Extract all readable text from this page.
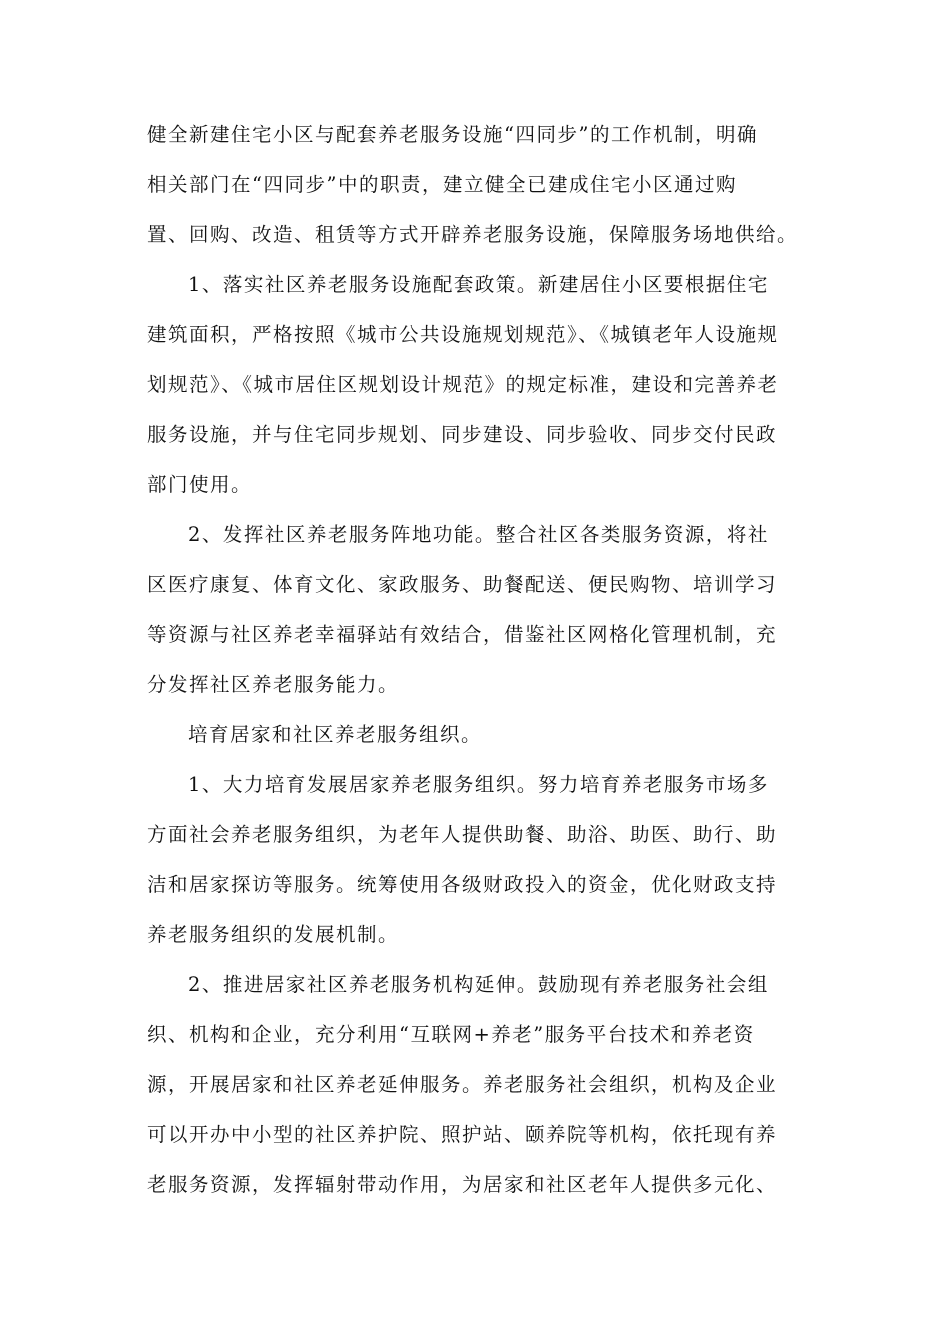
健全新建住宅小区与配套养老服务设施“四同步”的工作机制，明确
相关部门在“四同步”中的职责，建立健全已建成住宅小区通过购
置、回购、改造、租赁等方式开辟养老服务设施，保障服务场地供给。

1、落实社区养老服务设施配套政策。新建居住小区要根据住宅
建筑面积，严格按照《城市公共设施规划规范》、《城镇老年人设施规
划规范》、《城市居住区规划设计规范》的规定标准，建设和完善养老
服务设施，并与住宅同步规划、同步建设、同步验收、同步交付民政
部门使用。

2、发挥社区养老服务阵地功能。整合社区各类服务资源，将社
区医疗康复、体育文化、家政服务、助餐配送、便民购物、培训学习
等资源与社区养老幸福驿站有效结合，借鉴社区网格化管理机制，充
分发挥社区养老服务能力。

培育居家和社区养老服务组织。

1、大力培育发展居家养老服务组织。努力培育养老服务市场多
方面社会养老服务组织，为老年人提供助餐、助浴、助医、助行、助
洁和居家探访等服务。统筹使用各级财政投入的资金，优化财政支持
养老服务组织的发展机制。

2、推进居家社区养老服务机构延伸。鼓励现有养老服务社会组
织、机构和企业，充分利用“互联网+养老”服务平台技术和养老资
源，开展居家和社区养老延伸服务。养老服务社会组织，机构及企业
可以开办中小型的社区养护院、照护站、颐养院等机构，依托现有养
老服务资源，发挥辐射带动作用，为居家和社区老年人提供多元化、
